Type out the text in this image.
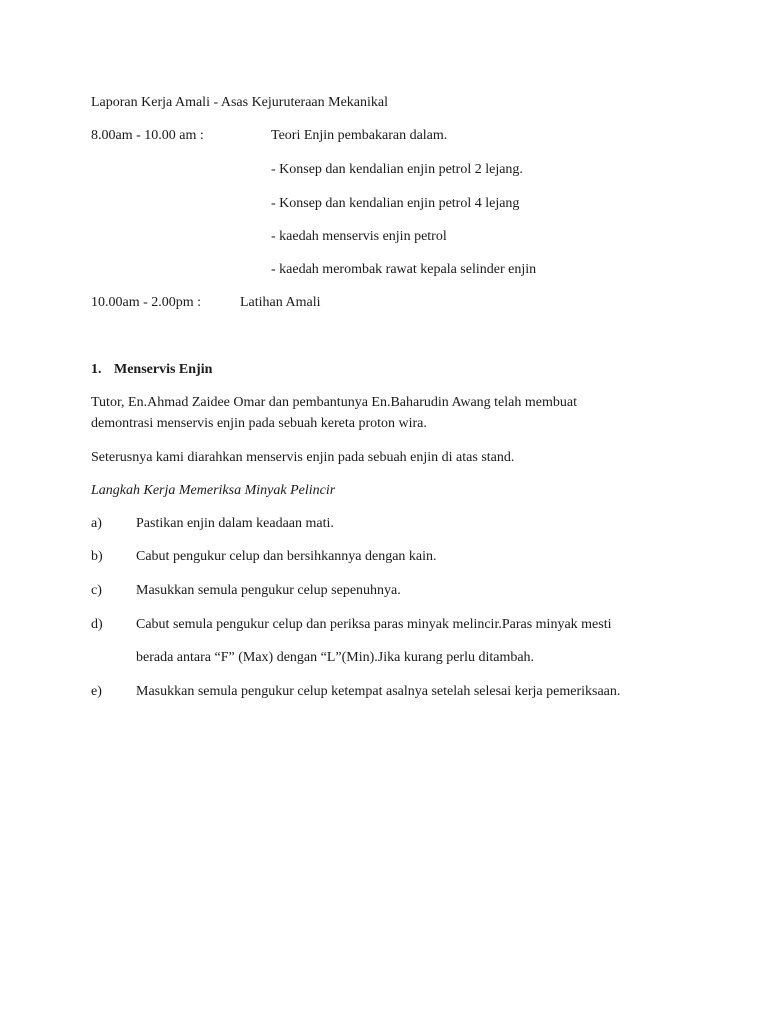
Laporan Kerja Amali - Asas Kejuruteraan Mekanikal
8.00am - 10.00 am :	Teori Enjin pembakaran dalam.
- Konsep dan kendalian enjin petrol 2 lejang.
- Konsep dan kendalian enjin petrol 4 lejang
- kaedah menservis enjin petrol
- kaedah merombak rawat kepala selinder enjin
10.00am - 2.00pm :	Latihan Amali
1. Menservis Enjin
Tutor, En.Ahmad Zaidee Omar dan pembantunya En.Baharudin Awang telah membuat
demontrasi menservis enjin pada sebuah kereta proton wira.
Seterusnya kami diarahkan menservis enjin pada sebuah enjin di atas stand.
Langkah Kerja Memeriksa Minyak Pelincir
a) Pastikan enjin dalam keadaan mati.
b) Cabut pengukur celup dan bersihkannya dengan kain.
c) Masukkan semula pengukur celup sepenuhnya.
d) Cabut semula pengukur celup dan periksa paras minyak melincir.Paras minyak mesti
berada antara “F” (Max) dengan “L”(Min).Jika kurang perlu ditambah.
e) Masukkan semula pengukur celup ketempat asalnya setelah selesai kerja pemeriksaan.
